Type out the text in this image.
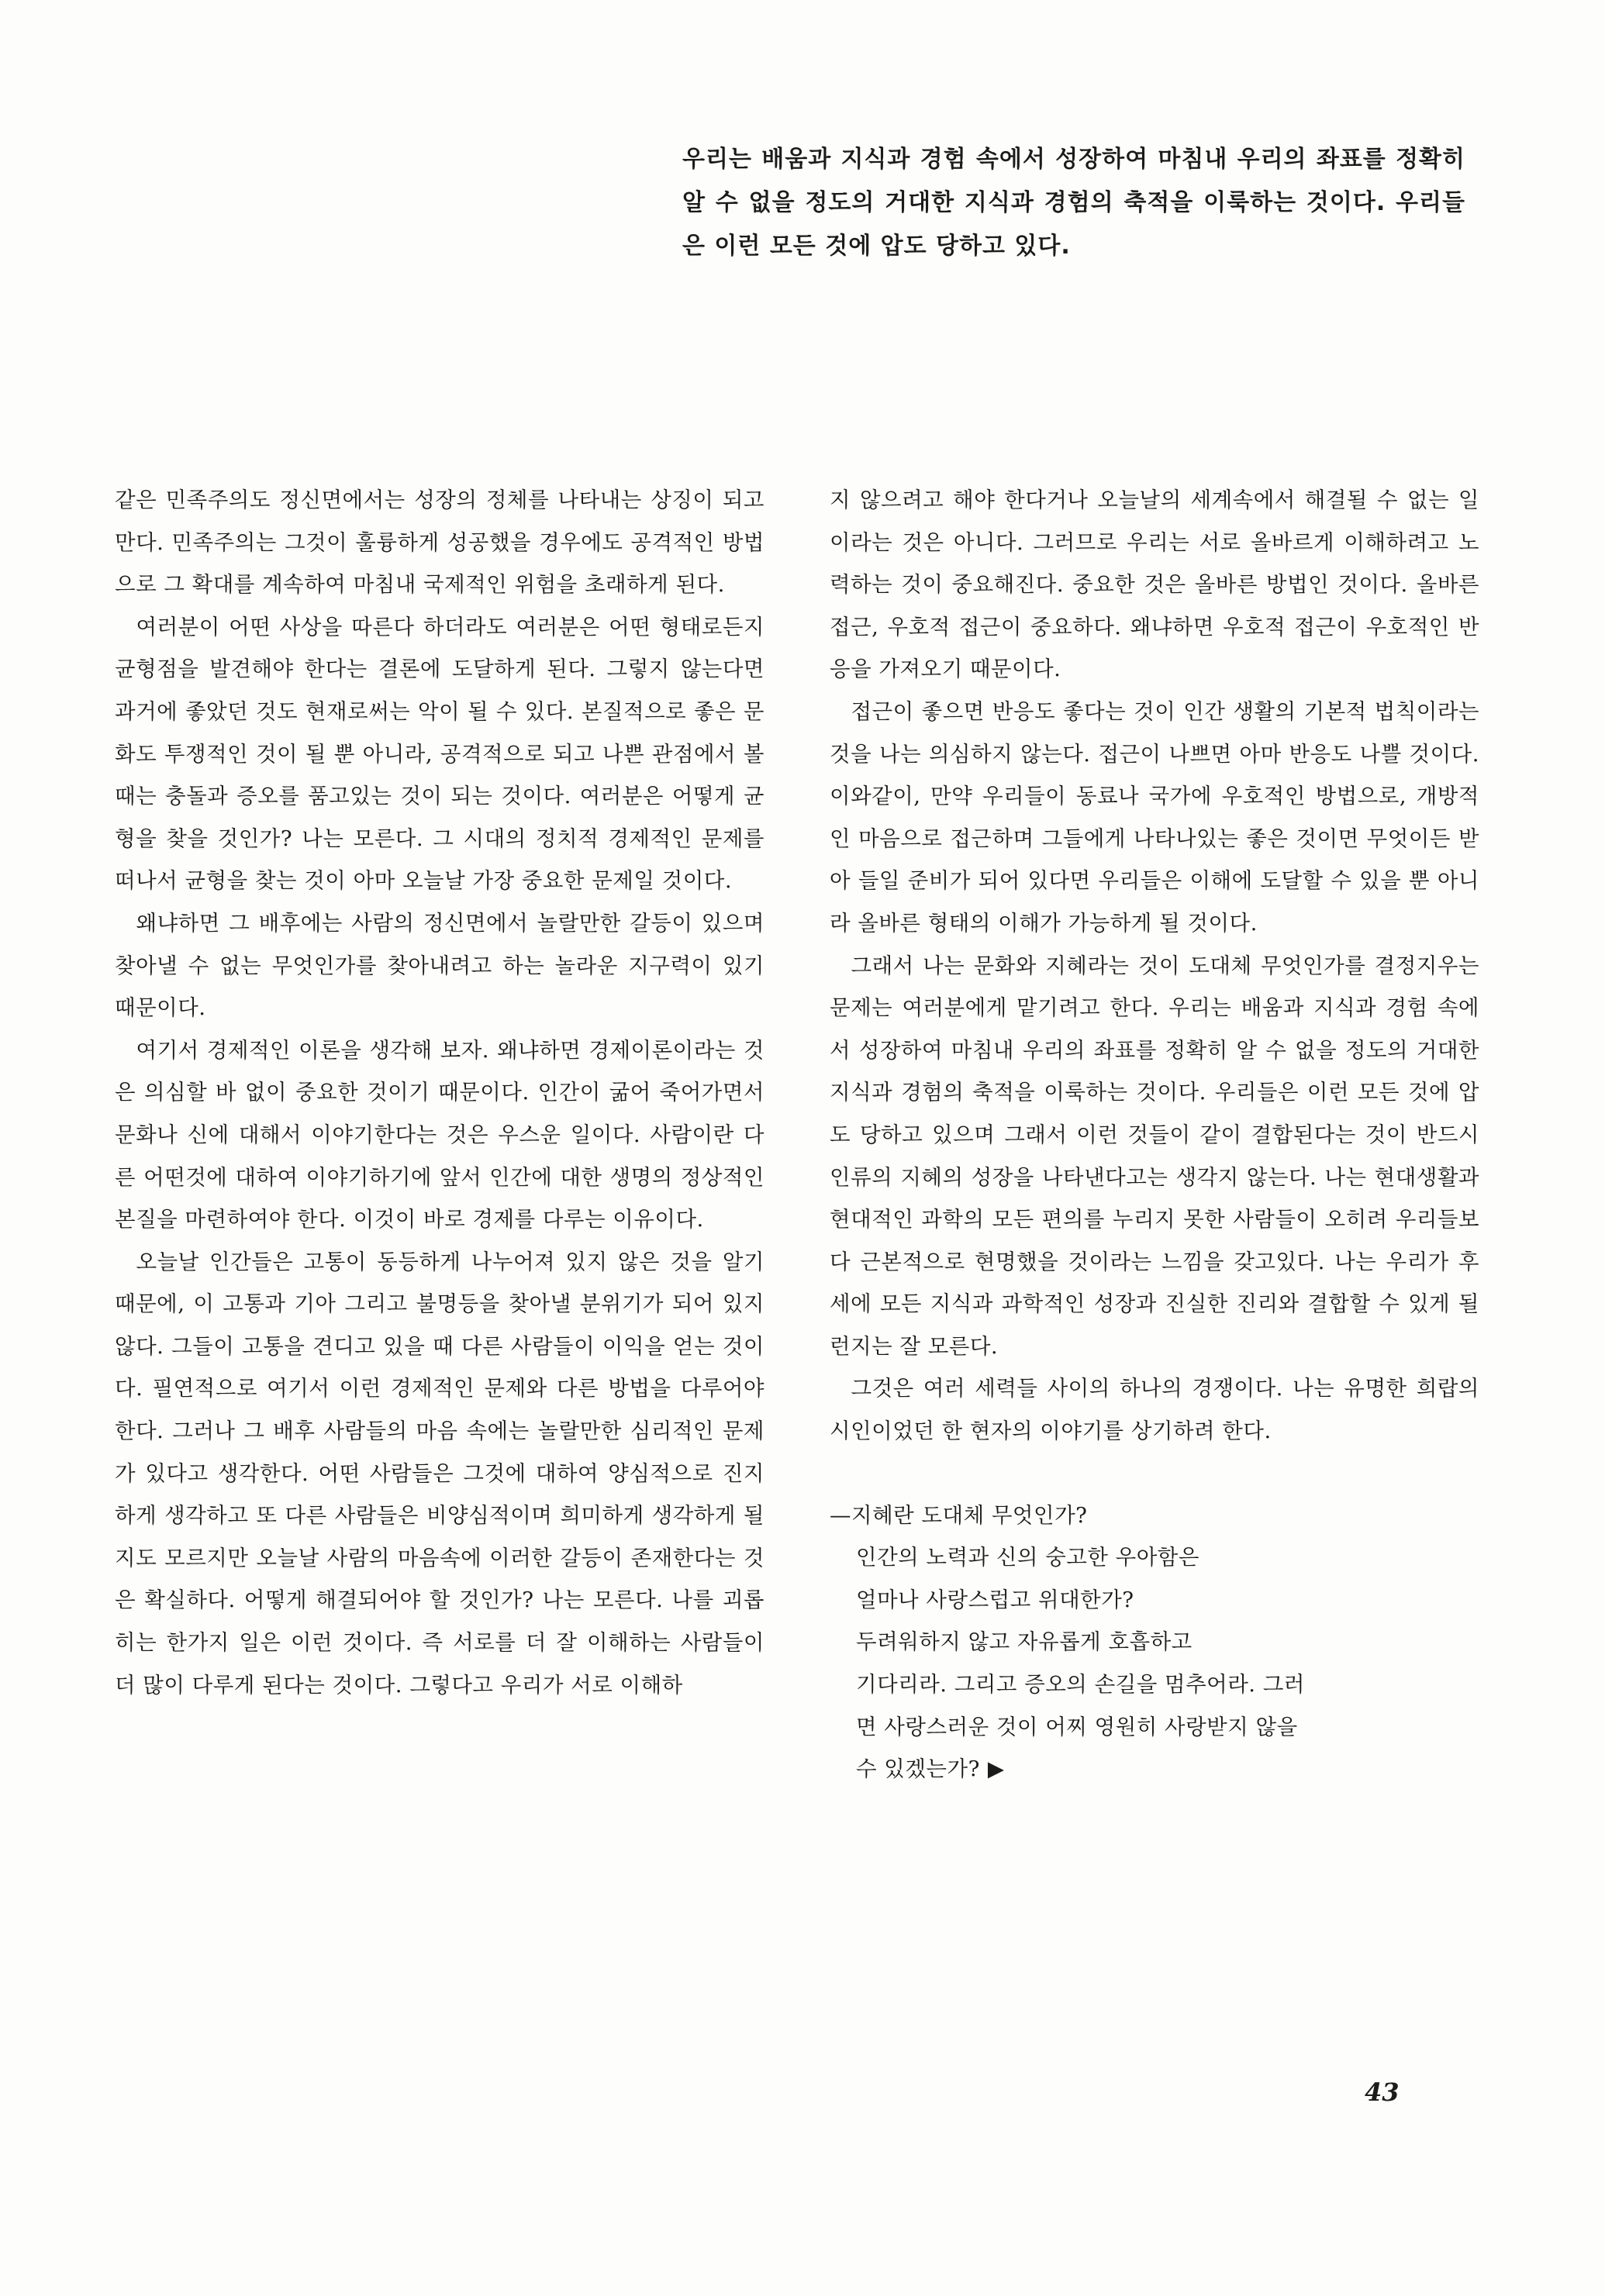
우리는 배움과 지식과 경험 속에서 성장하여 마침내 우리의 좌표를 정확히 알 수 없을 정도의 거대한 지식과 경험의 축적을 이룩하는 것이다. 우리들은 이런 모든 것에 압도 당하고 있다.

같은 민족주의도 정신면에서는 성장의 정체를 나타내는 상징이 되고 만다. 민족주의는 그것이 훌륭하게 성공했을 경우에도 공격적인 방법으로 그 확대를 계속하여 마침내 국제적인 위험을 초래하게 된다.

여러분이 어떤 사상을 따른다 하더라도 여러분은 어떤 형태로든지 균형점을 발견해야 한다는 결론에 도달하게 된다. 그렇지 않는다면 과거에 좋았던 것도 현재로써는 악이 될 수 있다. 본질적으로 좋은 문화도 투쟁적인 것이 될 뿐 아니라, 공격적으로 되고 나쁜 관점에서 볼 때는 충돌과 증오를 품고있는 것이 되는 것이다. 여러분은 어떻게 균형을 찾을 것인가? 나는 모른다. 그 시대의 정치적 경제적인 문제를 떠나서 균형을 찾는 것이 아마 오늘날 가장 중요한 문제일 것이다.

왜냐하면 그 배후에는 사람의 정신면에서 놀랄만한 갈등이 있으며 찾아낼 수 없는 무엇인가를 찾아내려고 하는 놀라운 지구력이 있기 때문이다.

여기서 경제적인 이론을 생각해 보자. 왜냐하면 경제이론이라는 것은 의심할 바 없이 중요한 것이기 때문이다. 인간이 굶어 죽어가면서 문화나 신에 대해서 이야기한다는 것은 우스운 일이다. 사람이란 다른 어떤것에 대하여 이야기하기에 앞서 인간에 대한 생명의 정상적인 본질을 마련하여야 한다. 이것이 바로 경제를 다루는 이유이다.

오늘날 인간들은 고통이 동등하게 나누어져 있지 않은 것을 알기 때문에, 이 고통과 기아 그리고 불명등을 찾아낼 분위기가 되어 있지 않다. 그들이 고통을 견디고 있을 때 다른 사람들이 이익을 얻는 것이다. 필연적으로 여기서 이런 경제적인 문제와 다른 방법을 다루어야 한다. 그러나 그 배후 사람들의 마음 속에는 놀랄만한 심리적인 문제가 있다고 생각한다. 어떤 사람들은 그것에 대하여 양심적으로 진지하게 생각하고 또 다른 사람들은 비양심적이며 희미하게 생각하게 될지도 모르지만 오늘날 사람의 마음속에 이러한 갈등이 존재한다는 것은 확실하다. 어떻게 해결되어야 할 것인가? 나는 모른다. 나를 괴롭히는 한가지 일은 이런 것이다. 즉 서로를 더 잘 이해하는 사람들이 더 많이 다루게 된다는 것이다. 그렇다고 우리가 서로 이해하

지 않으려고 해야 한다거나 오늘날의 세계속에서 해결될 수 없는 일이라는 것은 아니다. 그러므로 우리는 서로 올바르게 이해하려고 노력하는 것이 중요해진다. 중요한 것은 올바른 방법인 것이다. 올바른 접근, 우호적 접근이 중요하다. 왜냐하면 우호적 접근이 우호적인 반응을 가져오기 때문이다.

접근이 좋으면 반응도 좋다는 것이 인간 생활의 기본적 법칙이라는 것을 나는 의심하지 않는다. 접근이 나쁘면 아마 반응도 나쁠 것이다. 이와같이, 만약 우리들이 동료나 국가에 우호적인 방법으로, 개방적인 마음으로 접근하며 그들에게 나타나있는 좋은 것이면 무엇이든 받아 들일 준비가 되어 있다면 우리들은 이해에 도달할 수 있을 뿐 아니라 올바른 형태의 이해가 가능하게 될 것이다.

그래서 나는 문화와 지혜라는 것이 도대체 무엇인가를 결정지우는 문제는 여러분에게 맡기려고 한다. 우리는 배움과 지식과 경험 속에서 성장하여 마침내 우리의 좌표를 정확히 알 수 없을 정도의 거대한 지식과 경험의 축적을 이룩하는 것이다. 우리들은 이런 모든 것에 압도 당하고 있으며 그래서 이런 것들이 같이 결합된다는 것이 반드시 인류의 지혜의 성장을 나타낸다고는 생각지 않는다. 나는 현대생활과 현대적인 과학의 모든 편의를 누리지 못한 사람들이 오히려 우리들보다 근본적으로 현명했을 것이라는 느낌을 갖고있다. 나는 우리가 후세에 모든 지식과 과학적인 성장과 진실한 진리와 결합할 수 있게 될런지는 잘 모른다.

그것은 여러 세력들 사이의 하나의 경쟁이다. 나는 유명한 희랍의 시인이었던 한 현자의 이야기를 상기하려 한다.

—지혜란 도대체 무엇인가?
인간의 노력과 신의 숭고한 우아함은
얼마나 사랑스럽고 위대한가?
두려워하지 않고 자유롭게 호흡하고
기다리라. 그리고 증오의 손길을 멈추어라. 그러
면 사랑스러운 것이 어찌 영원히 사랑받지 않을
수 있겠는가? ▶
43
